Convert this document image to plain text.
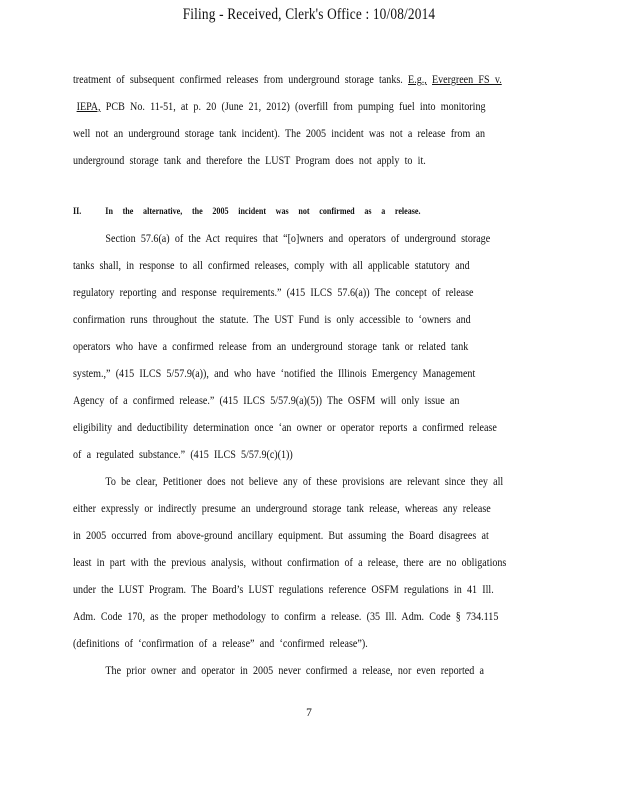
Filing - Received, Clerk's Office : 10/08/2014
treatment of subsequent confirmed releases from underground storage tanks. E.g., Evergreen FS v.
IEPA, PCB No. 11-51, at p. 20 (June 21, 2012) (overfill from pumping fuel into monitoring
well not an underground storage tank incident). The 2005 incident was not a release from an
underground storage tank and therefore the LUST Program does not apply to it.
II.	In the alternative, the 2005 incident was not confirmed as a release.
Section 57.6(a) of the Act requires that “[o]wners and operators of underground storage
tanks shall, in response to all confirmed releases, comply with all applicable statutory and
regulatory reporting and response requirements.” (415 ILCS 57.6(a)) The concept of release
confirmation runs throughout the statute. The UST Fund is only accessible to ‘owners and
operators who have a confirmed release from an underground storage tank or related tank
system.,” (415 ILCS 5/57.9(a)), and who have ‘notified the Illinois Emergency Management
Agency of a confirmed release.” (415 ILCS 5/57.9(a)(5)) The OSFM will only issue an
eligibility and deductibility determination once ‘an owner or operator reports a confirmed release
of a regulated substance.” (415 ILCS 5/57.9(c)(1))
To be clear, Petitioner does not believe any of these provisions are relevant since they all
either expressly or indirectly presume an underground storage tank release, whereas any release
in 2005 occurred from above-ground ancillary equipment. But assuming the Board disagrees at
least in part with the previous analysis, without confirmation of a release, there are no obligations
under the LUST Program. The Board’s LUST regulations reference OSFM regulations in 41 Ill.
Adm. Code 170, as the proper methodology to confirm a release. (35 Ill. Adm. Code § 734.115
(definitions of ‘confirmation of a release” and ‘confirmed release”).
The prior owner and operator in 2005 never confirmed a release, nor even reported a
7
